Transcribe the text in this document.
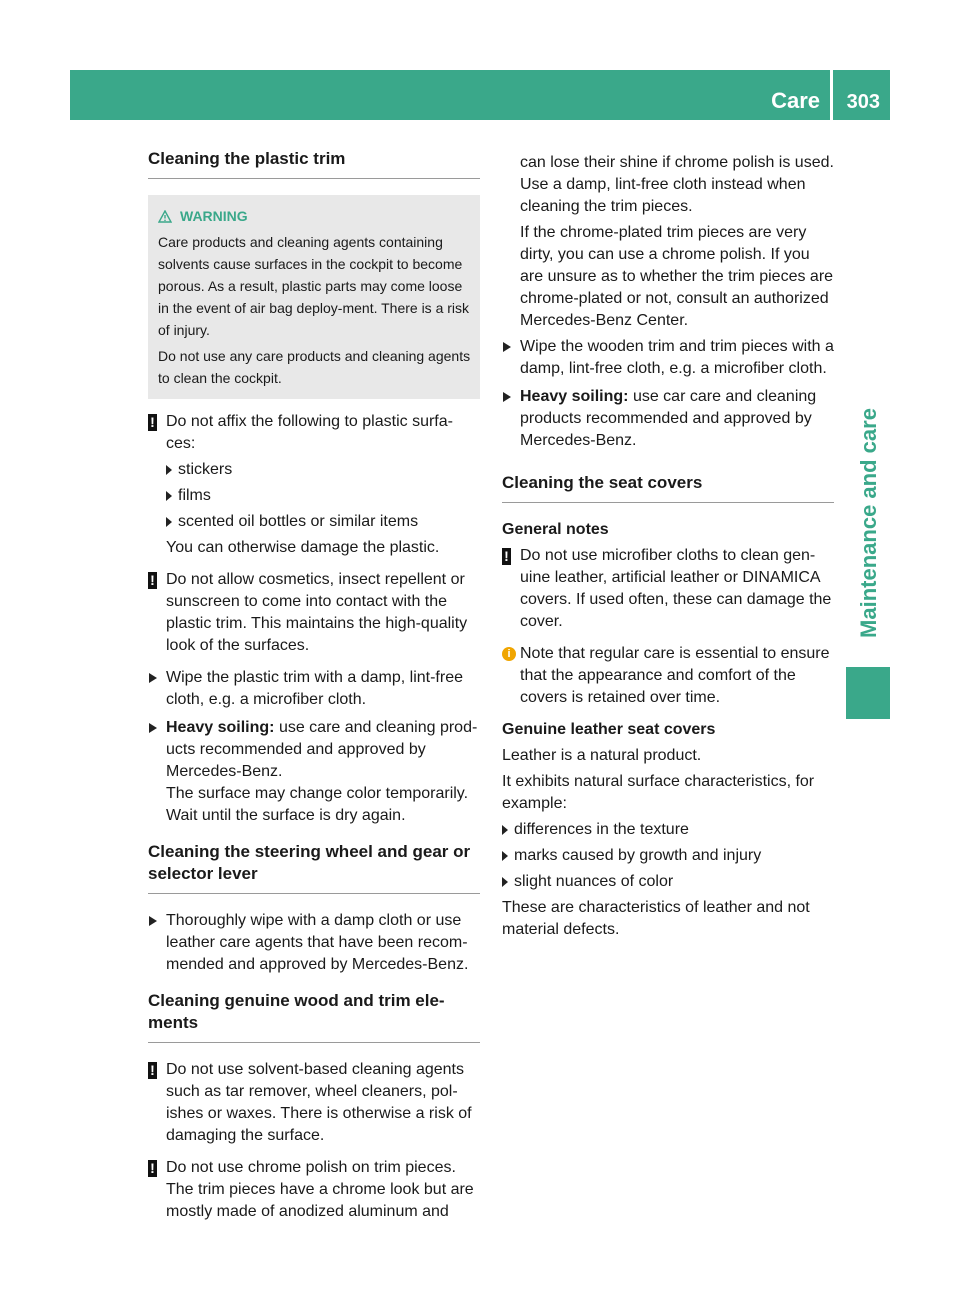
Care 303
Maintenance and care
Cleaning the plastic trim
WARNING

Care products and cleaning agents containing solvents cause surfaces in the cockpit to become porous. As a result, plastic parts may come loose in the event of air bag deploy-ment. There is a risk of injury.

Do not use any care products and cleaning agents to clean the cockpit.

! Do not affix the following to plastic surfa-ces:
stickers
films
scented oil bottles or similar items
You can otherwise damage the plastic.
! Do not allow cosmetics, insect repellent or sunscreen to come into contact with the plastic trim. This maintains the high-quality look of the surfaces.
Wipe the plastic trim with a damp, lint-free cloth, e.g. a microfiber cloth.
Heavy soiling: use care and cleaning prod-ucts recommended and approved by Mercedes-Benz.
The surface may change color temporarily.
Wait until the surface is dry again.
Cleaning the steering wheel and gear or selector lever
Thoroughly wipe with a damp cloth or use leather care agents that have been recom-mended and approved by Mercedes-Benz.
Cleaning genuine wood and trim ele-ments
! Do not use solvent-based cleaning agents such as tar remover, wheel cleaners, pol-ishes or waxes. There is otherwise a risk of damaging the surface.
! Do not use chrome polish on trim pieces. The trim pieces have a chrome look but are mostly made of anodized aluminum and

can lose their shine if chrome polish is used. Use a damp, lint-free cloth instead when cleaning the trim pieces.

If the chrome-plated trim pieces are very dirty, you can use a chrome polish. If you are unsure as to whether the trim pieces are chrome-plated or not, consult an authorized Mercedes-Benz Center.

Wipe the wooden trim and trim pieces with a damp, lint-free cloth, e.g. a microfiber cloth.
Heavy soiling: use car care and cleaning products recommended and approved by Mercedes-Benz.
Cleaning the seat covers
General notes
! Do not use microfiber cloths to clean gen-uine leather, artificial leather or DINAMICA covers. If used often, these can damage the cover.
i Note that regular care is essential to ensure that the appearance and comfort of the covers is retained over time.
Genuine leather seat covers

Leather is a natural product.

It exhibits natural surface characteristics, for example:

differences in the texture
marks caused by growth and injury
slight nuances of color

These are characteristics of leather and not material defects.
